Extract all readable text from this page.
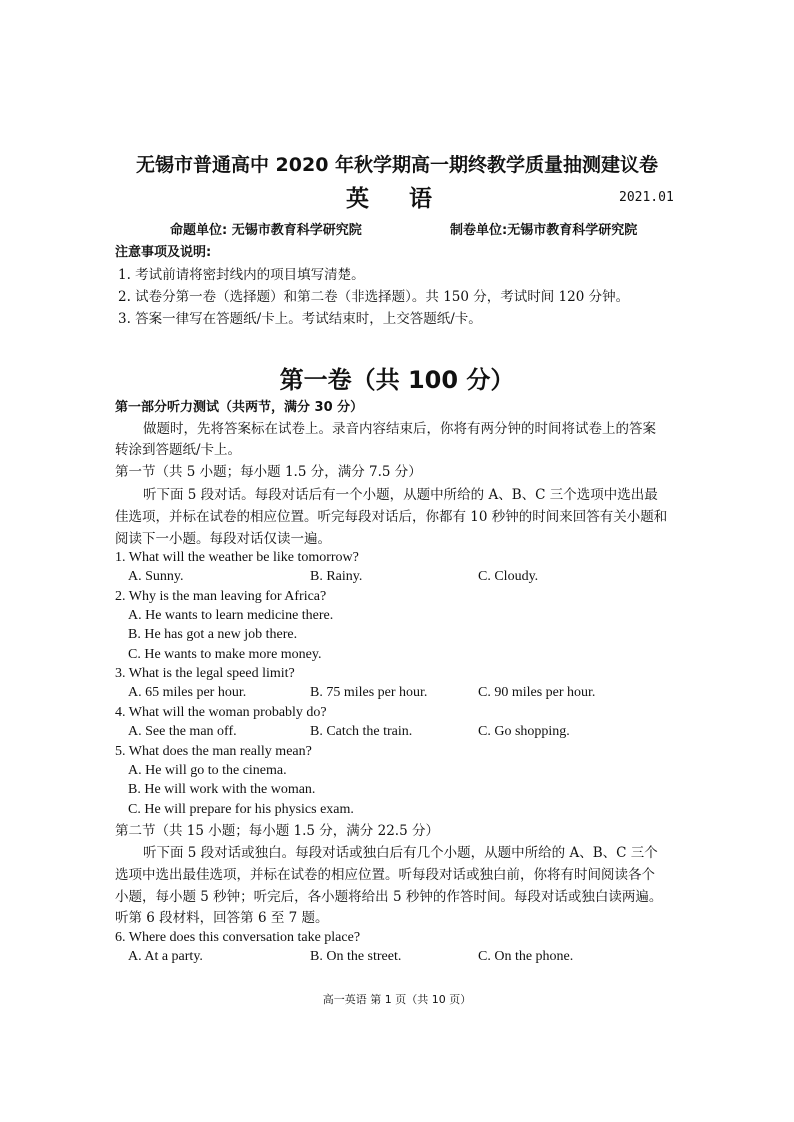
无锡市普通高中 2020 年秋学期高一期终教学质量抽测建议卷
英 语	2021.01
命题单位: 无锡市教育科学研究院	制卷单位:无锡市教育科学研究院
注意事项及说明:
1. 考试前请将密封线内的项目填写清楚。
2. 试卷分第一卷（选择题）和第二卷（非选择题）。共 150 分，考试时间 120 分钟。
3. 答案一律写在答题纸/卡上。考试结束时，上交答题纸/卡。
第一卷（共 100 分）
第一部分听力测试（共两节，满分 30 分）
做题时，先将答案标在试卷上。录音内容结束后，你将有两分钟的时间将试卷上的答案
转涂到答题纸/卡上。
第一节（共 5 小题；每小题 1.5 分，满分 7.5 分）
听下面 5 段对话。每段对话后有一个小题，从题中所给的 A、B、C 三个选项中选出最
佳选项，并标在试卷的相应位置。听完每段对话后，你都有 10 秒钟的时间来回答有关小题和
阅读下一小题。每段对话仅读一遍。
1. What will the weather be like tomorrow?
A. Sunny.	B. Rainy.	C. Cloudy.
2. Why is the man leaving for Africa?
A. He wants to learn medicine there.
B. He has got a new job there.
C. He wants to make more money.
3. What is the legal speed limit?
A. 65 miles per hour.	B. 75 miles per hour.	C. 90 miles per hour.
4. What will the woman probably do?
A. See the man off.	B. Catch the train.	C. Go shopping.
5. What does the man really mean?
A. He will go to the cinema.
B. He will work with the woman.
C. He will prepare for his physics exam.
第二节（共 15 小题；每小题 1.5 分，满分 22.5 分）
听下面 5 段对话或独白。每段对话或独白后有几个小题，从题中所给的 A、B、C 三个
选项中选出最佳选项，并标在试卷的相应位置。听每段对话或独白前，你将有时间阅读各个
小题，每小题 5 秒钟；听完后，各小题将给出 5 秒钟的作答时间。每段对话或独白读两遍。
听第 6 段材料，回答第 6 至 7 题。
6. Where does this conversation take place?
A. At a party.	B. On the street.	C. On the phone.
高一英语 第 1 页（共 10 页）
